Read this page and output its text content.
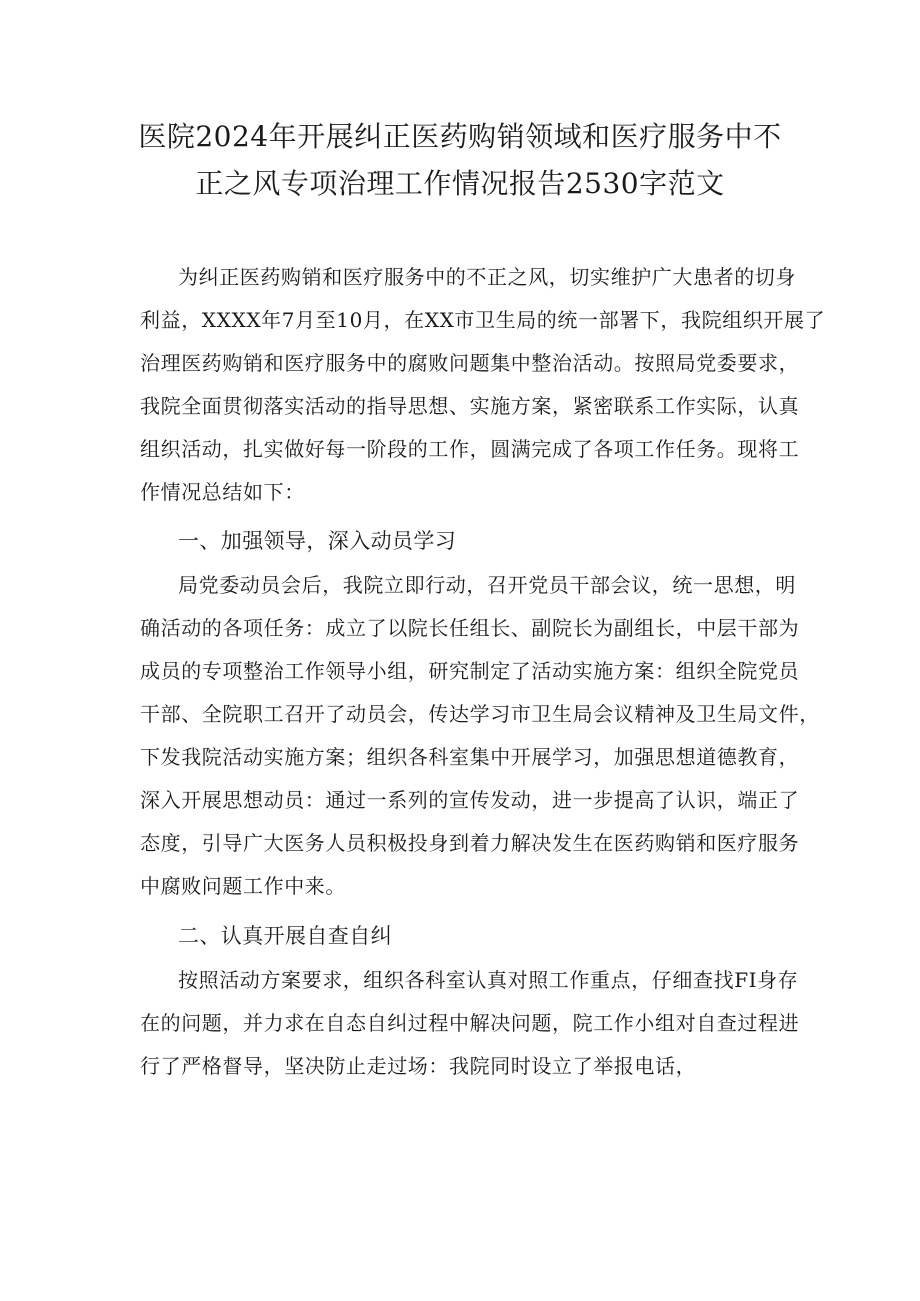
医院2024年开展纠正医药购销领域和医疗服务中不
正之风专项治理工作情况报告2530字范文
为纠正医药购销和医疗服务中的不正之风，切实维护广大患者的切身
利益，XXXX年7月至10月，在XX市卫生局的统一部署下，我院组织开展了
治理医药购销和医疗服务中的腐败问题集中整治活动。按照局党委要求，
我院全面贯彻落实活动的指导思想、实施方案，紧密联系工作实际，认真
组织活动，扎实做好每一阶段的工作，圆满完成了各项工作任务。现将工
作情况总结如下：
一、加强领导，深入动员学习
局党委动员会后，我院立即行动，召开党员干部会议，统一思想，明
确活动的各项任务：成立了以院长任组长、副院长为副组长，中层干部为
成员的专项整治工作领导小组，研究制定了活动实施方案：组织全院党员
干部、全院职工召开了动员会，传达学习市卫生局会议精神及卫生局文件，
下发我院活动实施方案；组织各科室集中开展学习，加强思想道德教育，
深入开展思想动员：通过一系列的宣传发动，进一步提高了认识，端正了
态度，引导广大医务人员积极投身到着力解决发生在医药购销和医疗服务
中腐败问题工作中来。
二、认真开展自查自纠
按照活动方案要求，组织各科室认真对照工作重点，仔细查找FI身存
在的问题，并力求在自态自纠过程中解决问题，院工作小组对自查过程进
行了严格督导，坚决防止走过场：我院同时设立了举报电话，
